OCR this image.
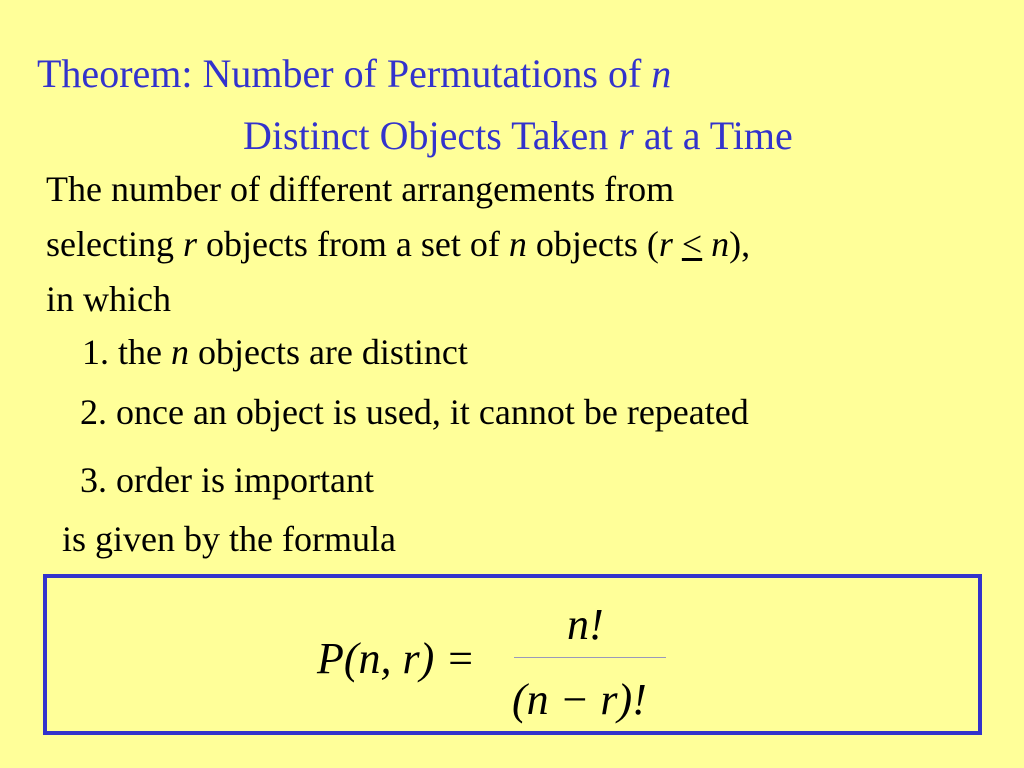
Theorem: Number of Permutations of n
Distinct Objects Taken r at a Time
The number of different arrangements from
selecting r objects from a set of n objects (r ≤ n),
in which
1. the n objects are distinct
2. once an object is used, it cannot be repeated
3. order is important
is given by the formula
P(n, r) =
n!
(n − r)!
